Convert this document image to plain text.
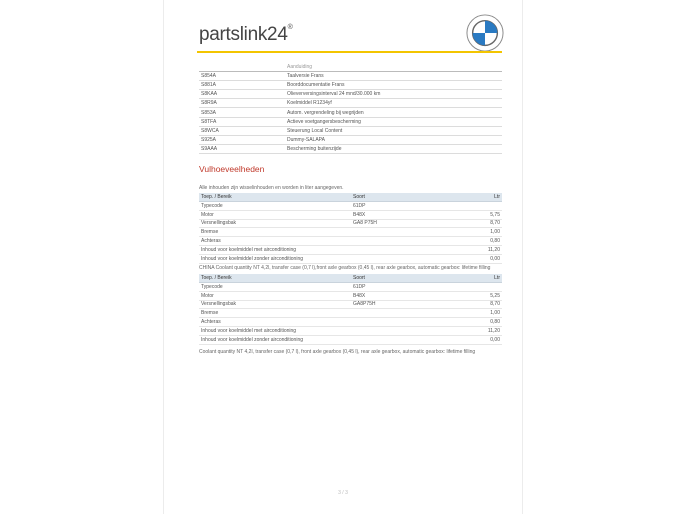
partslink24®
	Aanduiding
S854A	Taalversie Frans
S881A	Boorddocumentatie Frans
S8KAA	Olieverversingsinterval 24 mnd/30.000 km
S8R9A	Koelmiddel R1234yf
S853A	Autom. vergrendeling bij wegrijden
S8TFA	Actieve voetgangersbescherming
S8WCA	Steuerung Local Content
S925A	Dummy-SALAPA
S9AAA	Bescherming buitenzijde
Vulhoeveelheden
Alle inhouden zijn wisselinhouden en worden in liter aangegeven.
Toep. / Bereik	Soort	Ltr
Typecode	61DP	
Motor	B48X	5,75
Versnellingsbak	GA8 P75H	8,70
Bremse		1,00
Achteras		0,80
Inhoud voor koelmiddel met airconditioning		11,20
Inhoud voor koelmiddel zonder airconditioning		0,00
CHINA Coolant quantity NT 4,2l, transfer case (0,7 l),front axle gearbox (0,45 l), rear axle gearbox, automatic gearbox: lifetime filling
Toep. / Bereik	Soort	Ltr
Typecode	61DP	
Motor	B48X	5,25
Versnellingsbak	GA8P75H	8,70
Bremse		1,00
Achteras		0,80
Inhoud voor koelmiddel met airconditioning		11,20
Inhoud voor koelmiddel zonder airconditioning		0,00
Coolant quantity NT 4,2l, transfer case (0,7 l), front axle gearbox (0,45 l), rear axle gearbox, automatic gearbox: lifetime filling
3 / 3
